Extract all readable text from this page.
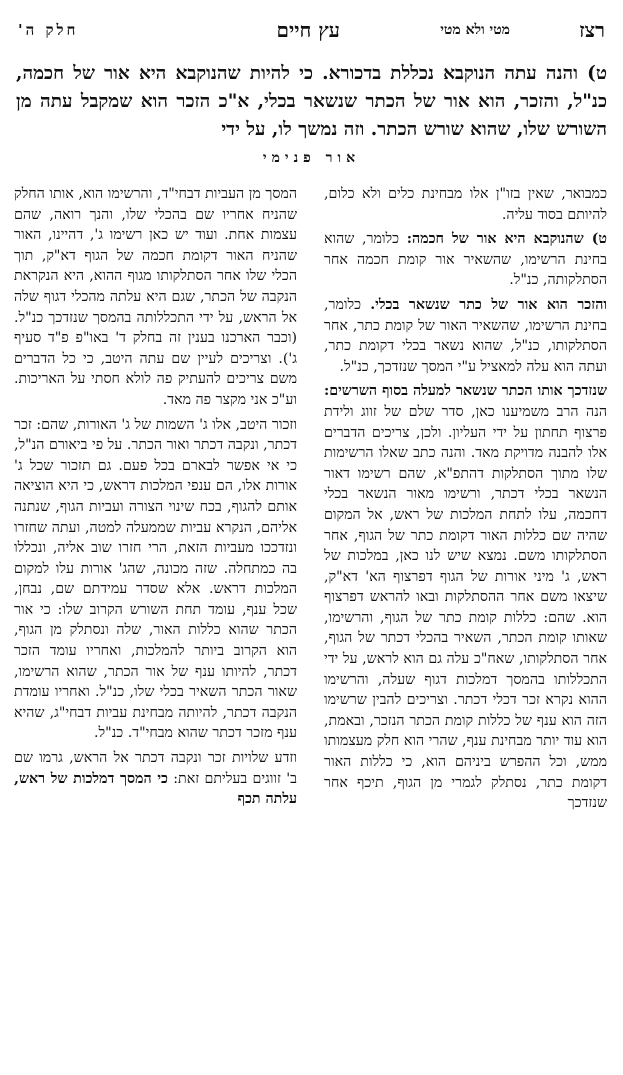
רצז
מטי ולא מטי
עץ חיים
חלק ה'
ט) והנה עתה הנוקבא נכללת בדכורא. כי להיות שהנוקבא היא אור של חכמה, כנ"ל, והזכר, הוא אור של הכתר שנשאר בכלי, א"כ הזכר הוא שמקבל עתה מן השורש שלו, שהוא שורש הכתר. וזה נמשך לו, על ידי
אור פנימי

כמבואר, שאין בזו"ן אלו מבחינת כלים ולא כלום, להיותם בסוד עליה.

ט) שהנוקבא היא אור של חכמה: כלומר, שהוא בחינת הרשימו, שהשאיר אור קומת חכמה אחר הסתלקותה, כנ"ל.

והזכר הוא אור של כתר שנשאר בכלי. כלומר, בחינת הרשימו, שהשאיר האור של קומת כתר, אחר הסתלקותו, כנ"ל, שהוא נשאר בכלי דקומת כתר, ועתה הוא עלה למאציל ע"י המסך שנזדכך, כנ"ל.

שנזדכך אותו הכתר שנשאר למעלה בסוף השרשים: הנה הרב משמיענו כאן, סדר שלם של זווג ולידת פרצוף תחתון על ידי העליון. ולכן, צריכים הדברים אלו להבנה מדויקת מאד. והנה כתב שאלו הרשימות שלו מתוך הסתלקות דהתפ"א, שהם רשימו דאור הנשאר בכלי דכתר, ורשימו מאור הנשאר בכלי דחכמה, עלו לתחת המלכות של ראש, אל המקום שהיה שם כללות האור דקומת כתר של הגוף, אחר הסתלקותו משם. נמצא שיש לנו כאן, במלכות של ראש, ג' מיני אורות של הגוף דפרצוף הא' דא"ק, שיצאו משם אחר ההסתלקות ובאו להראש דפרצוף הוא. שהם: כללות קומת כתר של הגוף, והרשימו, שאותו קומת הכתר, השאיר בהכלי דכתר של הגוף, אחר הסתלקותו, שאח"כ עלה גם הוא לראש, על ידי התכללותו בהמסך דמלכות דגוף שעלה, והרשימו ההוא נקרא זכר דכלי דכתר. וצריכים להבין שרשימו הזה הוא ענף של כללות קומת הכתר הנזכר, ובאמת, הוא עוד יותר מבחינת ענף, שהרי הוא חלק מעצמותו ממש, וכל ההפרש ביניהם הוא, כי כללות האור דקומת כתר, נסתלק לגמרי מן הגוף, תיכף אחר שנזדכך

המסך מן העביות דבחי"ד, והרשימו הוא, אותו החלק שהניח אחריו שם בהכלי שלו, והנך רואה, שהם עצמות אחת. ועוד יש כאן רשימו ג', דהיינו, האור שהניח האור דקומת חכמה של הגוף דא"ק, תוך הכלי שלו אחר הסתלקותו מגוף ההוא, היא הנקראת הנקבה של הכתר, שגם היא עלתה מהכלי דגוף שלה אל הראש, על ידי התכללותה בהמסך שנזדכך כנ"ל. (וכבר הארכנו בענין זה בחלק ד' באו"פ פ"ד סעיף ג'). וצריכים לעיין שם עתה היטב, כי כל הדברים משם צריכים להעתיק פה לולא חסתי על האריכות. וע"כ אני מקצר פה מאד.

וזכור היטב, אלו ג' השמות של ג' האורות, שהם: זכר דכתר, ונקבה דכתר ואור הכתר. על פי ביאורם הנ"ל, כי אי אפשר לבארם בכל פעם. גם תזכור שכל ג' אורות אלו, הם ענפי המלכות דראש, כי היא הוציאה אותם להגוף, בכח שינוי הצורה ועביות הגוף, שנתנה אליהם, הנקרא עביות שממעלה למטה, ועתה שחזרו ונזדככו מעביות הזאת, הרי חזרו שוב אליה, ונכללו בה כמתחלה. שזה מכונה, שהג' אורות עלו למקום המלכות דראש. אלא שסדר עמידתם שם, נבחן, שכל ענף, עומד תחת השורש הקרוב שלו: כי אור הכתר שהוא כללות האור, שלה ונסתלק מן הגוף, הוא הקרוב ביותר להמלכות, ואחריו עומד הזכר דכתר, להיותו ענף של אור הכתר, שהוא הרשימו, שאור הכתר השאיר בכלי שלו, כנ"ל. ואחריו עומדת הנקבה דכתר, להיותה מבחינת עביות דבחי"ג, שהיא ענף מזכר דכתר שהוא מבחי"ד. כנ"ל.

וזדע שלויות זכר ונקבה דכתר אל הראש, גרמו שם ב' זווגים בעליתם זאת: כי המסך דמלכות של ראש, עלתה תכף
